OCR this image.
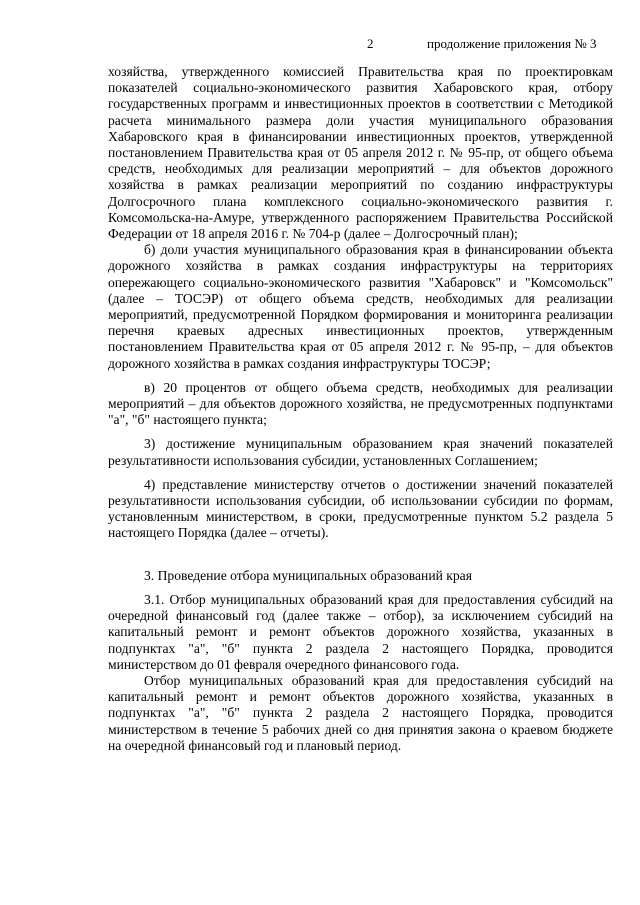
2	продолжение приложения № 3

хозяйства, утвержденного комиссией Правительства края по проектировкам показателей социально-экономического развития Хабаровского края, отбору государственных программ и инвестиционных проектов в соответствии с Методикой расчета минимального размера доли участия муниципального образования Хабаровского края в финансировании инвестиционных проектов, утвержденной постановлением Правительства края от 05 апреля 2012 г. № 95-пр, от общего объема средств, необходимых для реализации мероприятий – для объектов дорожного хозяйства в рамках реализации мероприятий по созданию инфраструктуры Долгосрочного плана комплексного социально-экономического развития г. Комсомольска-на-Амуре, утвержденного распоряжением Правительства Российской Федерации от 18 апреля 2016 г. № 704-р (далее – Долгосрочный план);

б) доли участия муниципального образования края в финансировании объекта дорожного хозяйства в рамках создания инфраструктуры на территориях опережающего социально-экономического развития "Хабаровск" и "Комсомольск" (далее – ТОСЭР) от общего объема средств, необходимых для реализации мероприятий, предусмотренной Порядком формирования и мониторинга реализации перечня краевых адресных инвестиционных проектов, утвержденным постановлением Правительства края от 05 апреля 2012 г. № 95-пр, – для объектов дорожного хозяйства в рамках создания инфраструктуры ТОСЭР;

в) 20 процентов от общего объема средств, необходимых для реализации мероприятий – для объектов дорожного хозяйства, не предусмотренных подпунктами "а", "б" настоящего пункта;

3) достижение муниципальным образованием края значений показателей результативности использования субсидии, установленных Соглашением;

4) представление министерству отчетов о достижении значений показателей результативности использования субсидии, об использовании субсидии по формам, установленным министерством, в сроки, предусмотренные пунктом 5.2 раздела 5 настоящего Порядка (далее – отчеты).

3. Проведение отбора муниципальных образований края

3.1. Отбор муниципальных образований края для предоставления субсидий на очередной финансовый год (далее также – отбор), за исключением субсидий на капитальный ремонт и ремонт объектов дорожного хозяйства, указанных в подпунктах "а", "б" пункта 2 раздела 2 настоящего Порядка, проводится министерством до 01 февраля очередного финансового года.

Отбор муниципальных образований края для предоставления субсидий на капитальный ремонт и ремонт объектов дорожного хозяйства, указанных в подпунктах "а", "б" пункта 2 раздела 2 настоящего Порядка, проводится министерством в течение 5 рабочих дней со дня принятия закона о краевом бюджете на очередной финансовый год и плановый период.
